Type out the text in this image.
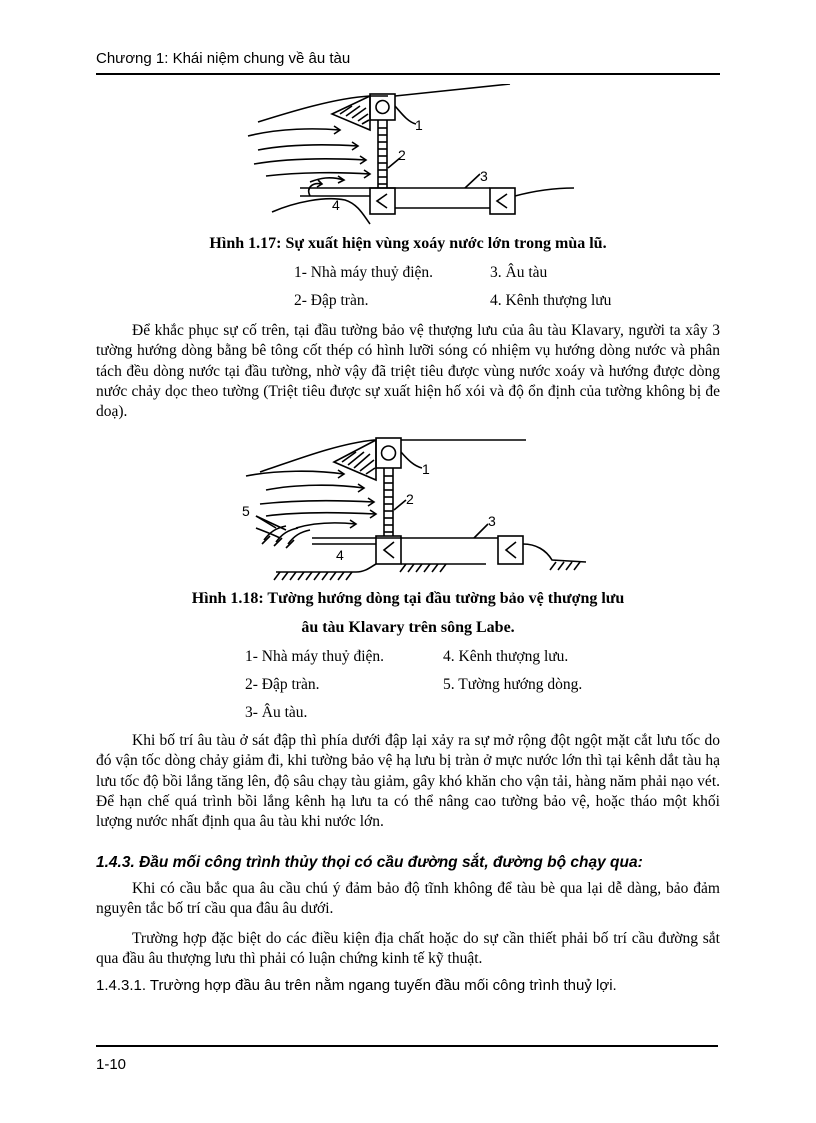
Chương 1: Khái niệm chung về âu tàu
1
2
3
4
Hình 1.17: Sự xuất hiện vùng xoáy nước lớn trong mùa lũ.
1- Nhà máy thuỷ điện.	3. Âu tàu
2- Đập tràn.	4. Kênh thượng lưu

Để khắc phục sự cố trên, tại đầu tường bảo vệ thượng lưu của âu tàu Klavary, người ta xây 3 tường hướng dòng bằng bê tông cốt thép có hình lưỡi sóng có nhiệm vụ hướng dòng nước và phân tách đều dòng nước tại đầu tường, nhờ vậy đã triệt tiêu được vùng nước xoáy và hướng được dòng nước chảy dọc theo tường (Triệt tiêu được sự xuất hiện hố xói và độ ổn định của tường không bị đe doạ).

1
2
3
4
5
Hình 1.18: Tường hướng dòng tại đầu tường bảo vệ thượng lưu
âu tàu Klavary trên sông Labe.
1- Nhà máy thuỷ điện.	4. Kênh thượng lưu.
2- Đập tràn.	5. Tường hướng dòng.
3- Âu tàu.

Khi bố trí âu tàu ở sát đập thì phía dưới đập lại xảy ra sự mở rộng đột ngột mặt cắt lưu tốc do đó vận tốc dòng chảy giảm đi, khi tường bảo vệ hạ lưu bị tràn ở mực nước lớn thì tại kênh dắt tàu hạ lưu tốc độ bồi lắng tăng lên, độ sâu chạy tàu giảm, gây khó khăn cho vận tải, hàng năm phải nạo vét. Để hạn chế quá trình bồi lắng kênh hạ lưu ta có thể nâng cao tường bảo vệ, hoặc tháo một khối lượng nước nhất định qua âu tàu khi nước lớn.

1.4.3. Đầu mối công trình thủy thọi có cầu đường sắt, đường bộ chạy qua:

Khi có cầu bắc qua âu cầu chú ý đảm bảo độ tĩnh không để tàu bè qua lại dễ dàng, bảo đảm nguyên tắc bố trí cầu qua đâu âu dưới.

Trường hợp đặc biệt do các điều kiện địa chất hoặc do sự cần thiết phải bố trí cầu đường sắt qua đầu âu thượng lưu thì phải có luận chứng kinh tế kỹ thuật.

1.4.3.1. Trường hợp đầu âu trên nằm ngang tuyến đầu mối công trình thuỷ lợi.
1-10
